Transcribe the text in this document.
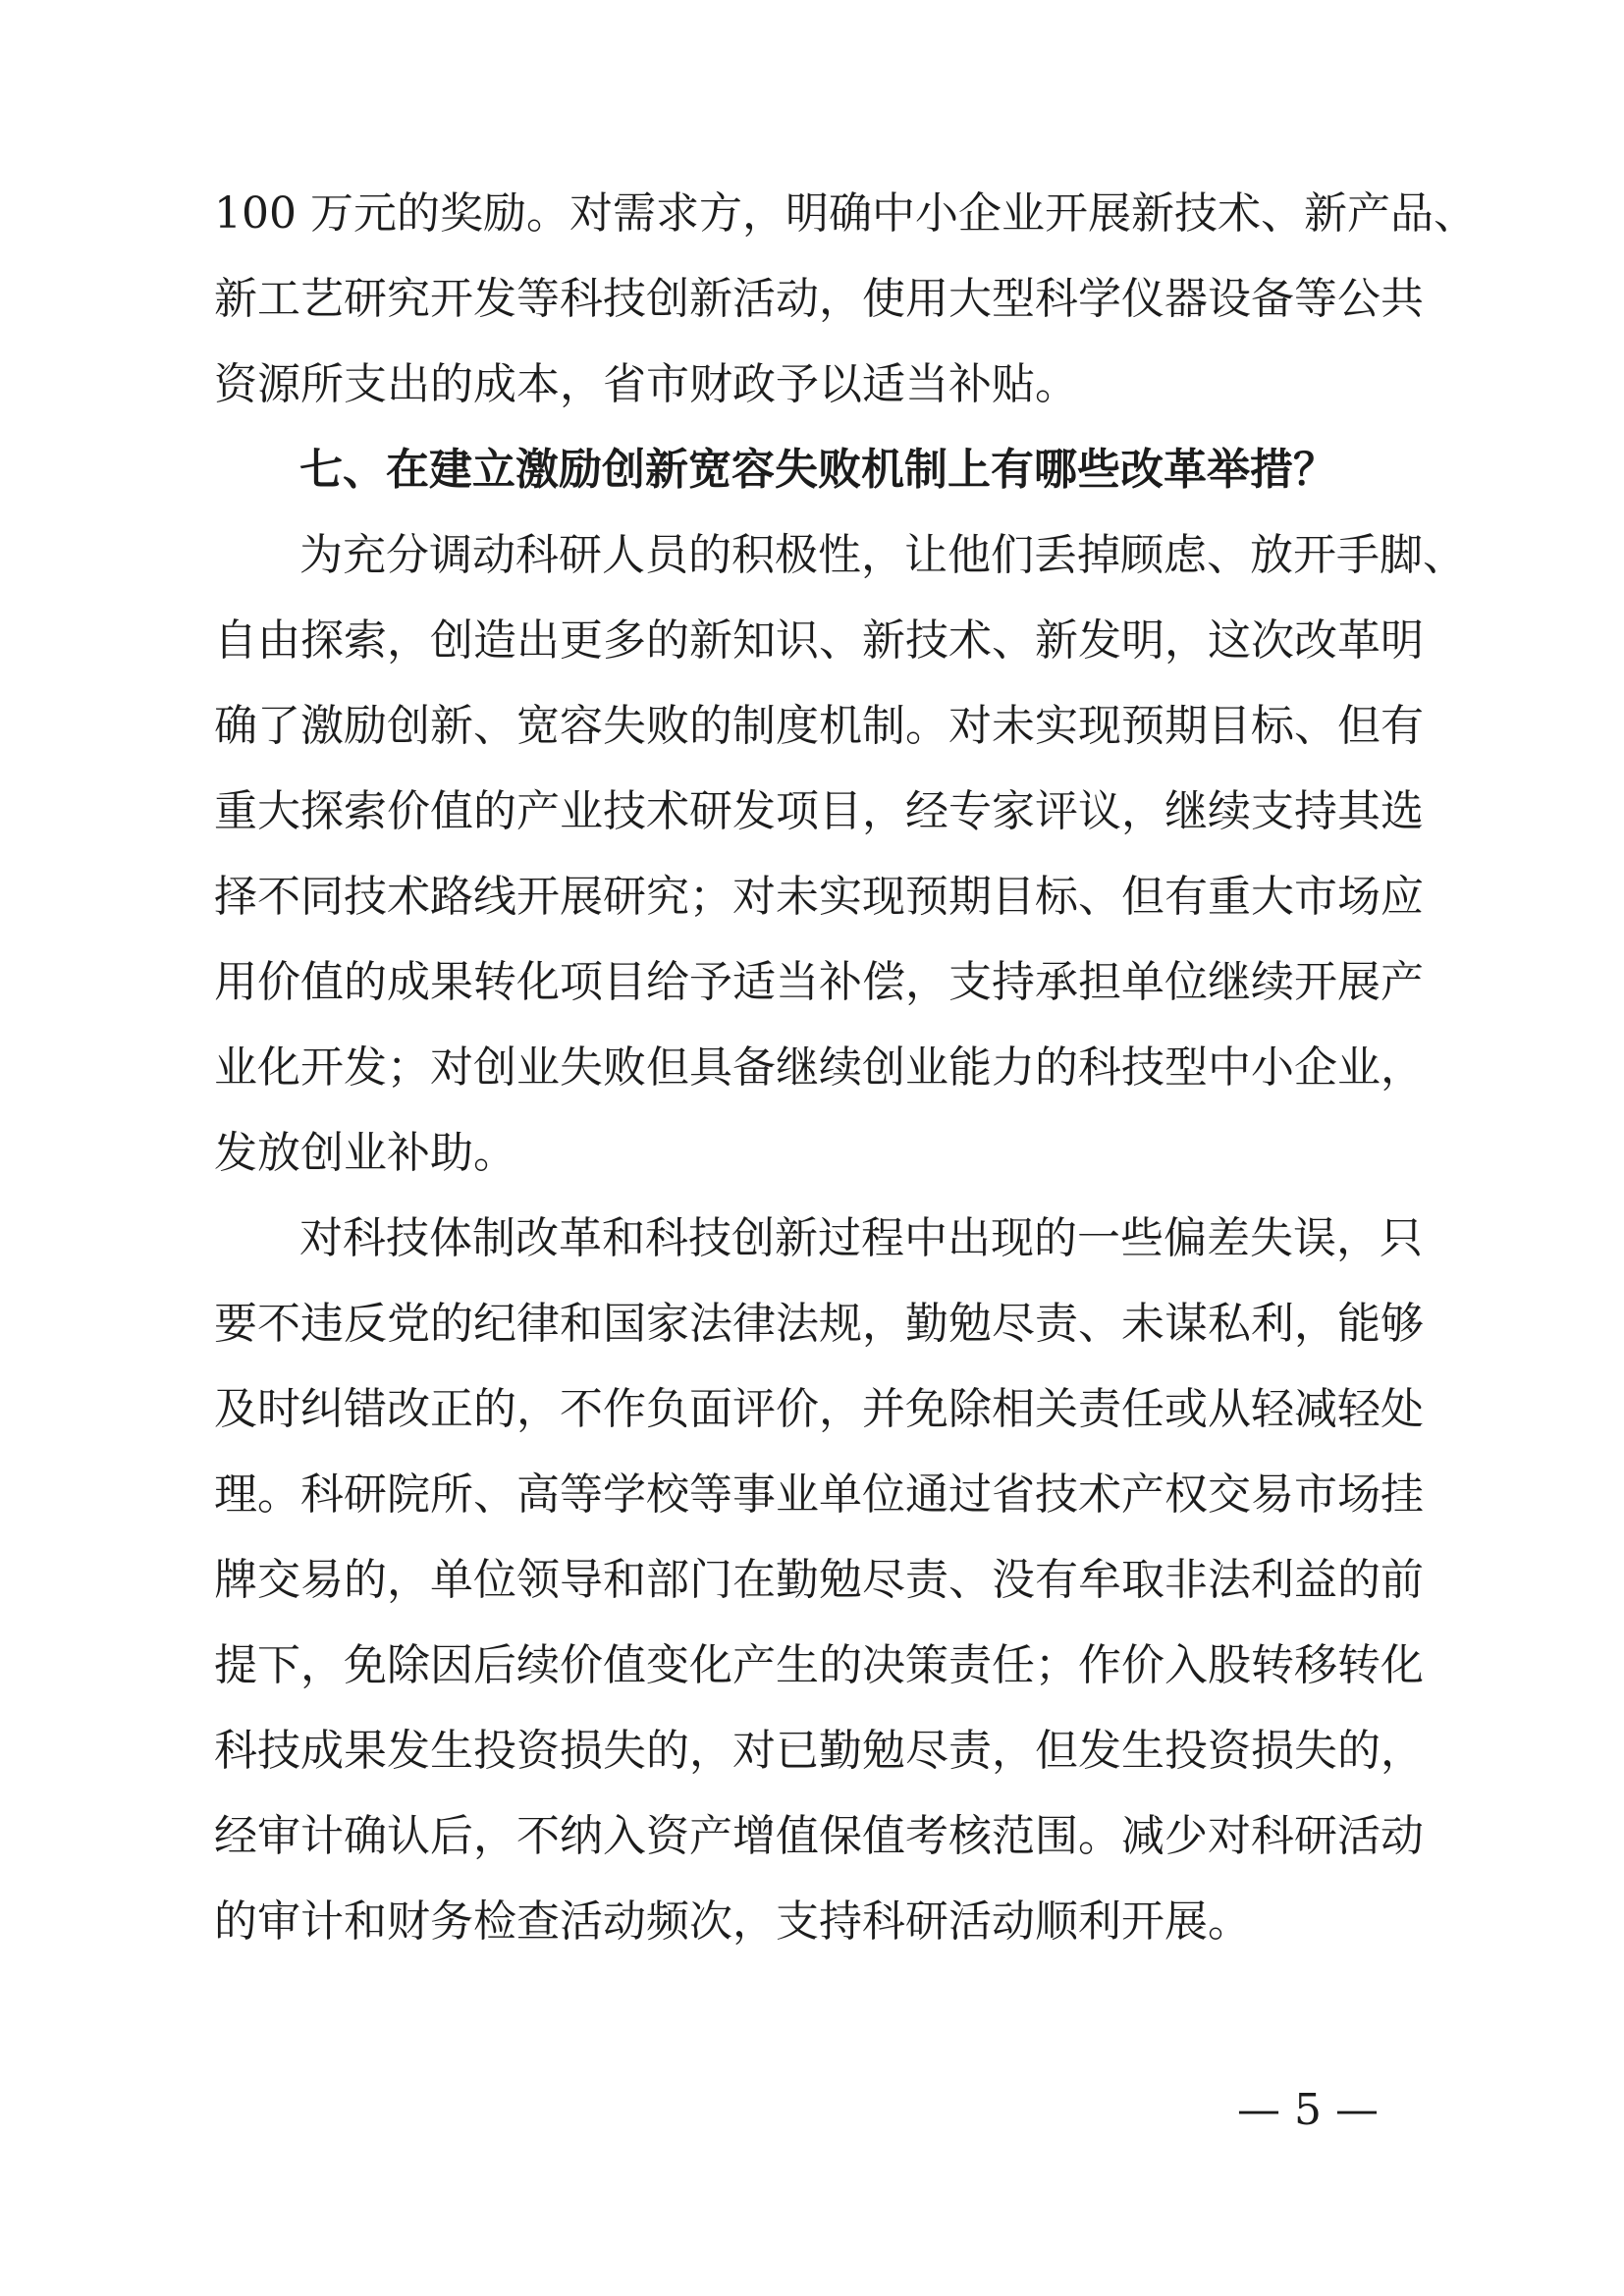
100 万元的奖励。对需求方，明确中小企业开展新技术、新产品、
新工艺研究开发等科技创新活动，使用大型科学仪器设备等公共
资源所支出的成本，省市财政予以适当补贴。
七、在建立激励创新宽容失败机制上有哪些改革举措？
为充分调动科研人员的积极性，让他们丢掉顾虑、放开手脚、
自由探索，创造出更多的新知识、新技术、新发明，这次改革明
确了激励创新、宽容失败的制度机制。对未实现预期目标、但有
重大探索价值的产业技术研发项目，经专家评议，继续支持其选
择不同技术路线开展研究；对未实现预期目标、但有重大市场应
用价值的成果转化项目给予适当补偿，支持承担单位继续开展产
业化开发；对创业失败但具备继续创业能力的科技型中小企业，
发放创业补助。
对科技体制改革和科技创新过程中出现的一些偏差失误，只
要不违反党的纪律和国家法律法规，勤勉尽责、未谋私利，能够
及时纠错改正的，不作负面评价，并免除相关责任或从轻减轻处
理。科研院所、高等学校等事业单位通过省技术产权交易市场挂
牌交易的，单位领导和部门在勤勉尽责、没有牟取非法利益的前
提下，免除因后续价值变化产生的决策责任；作价入股转移转化
科技成果发生投资损失的，对已勤勉尽责，但发生投资损失的，
经审计确认后，不纳入资产增值保值考核范围。减少对科研活动
的审计和财务检查活动频次，支持科研活动顺利开展。
— 5 —
